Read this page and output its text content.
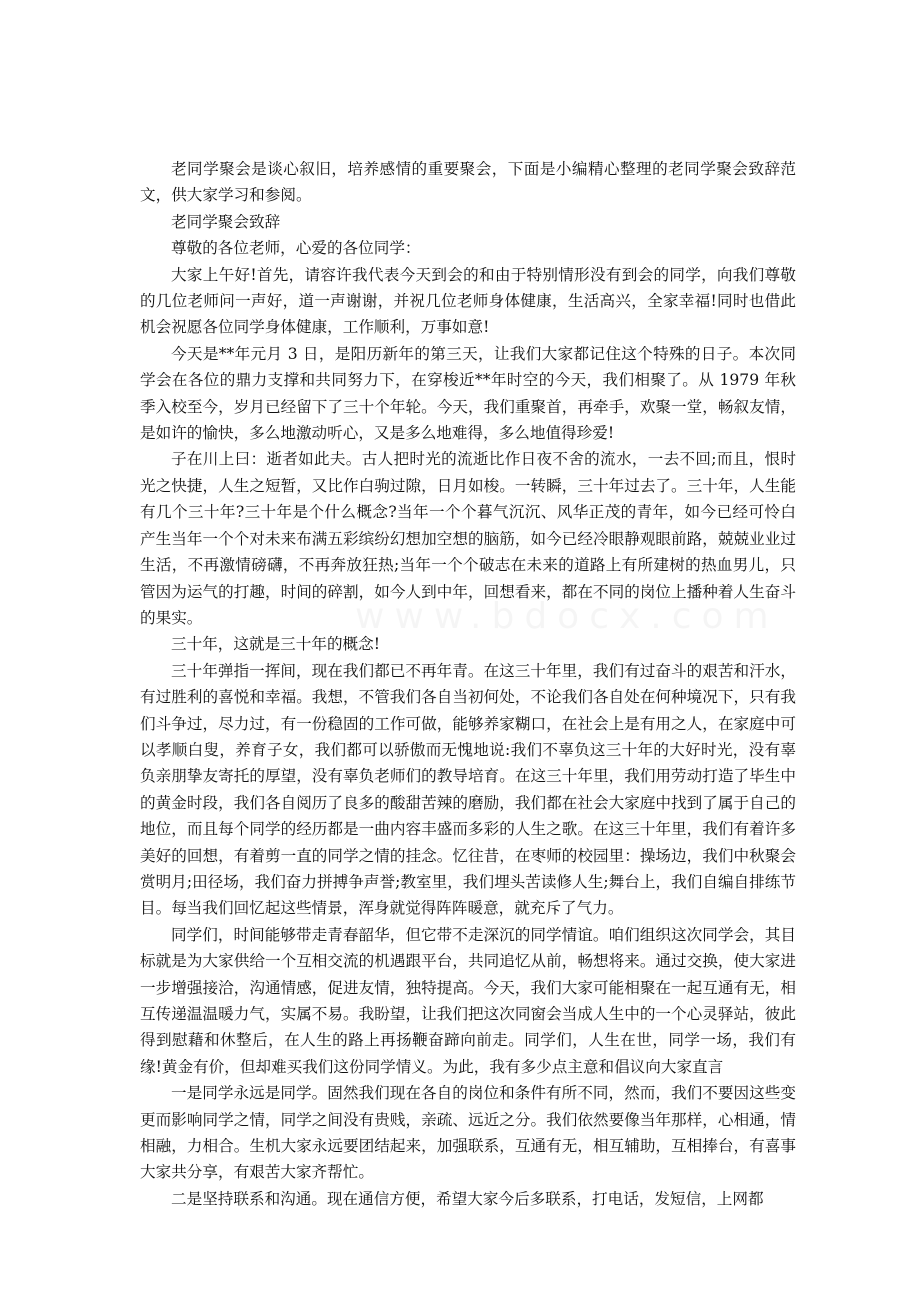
老同学聚会是谈心叙旧，培养感情的重要聚会，下面是小编精心整理的老同学聚会致辞范文，供大家学习和参阅。

老同学聚会致辞

尊敬的各位老师，心爱的各位同学：

大家上午好!首先，请容许我代表今天到会的和由于特别情形没有到会的同学，向我们尊敬的几位老师问一声好，道一声谢谢，并祝几位老师身体健康，生活高兴，全家幸福!同时也借此机会祝愿各位同学身体健康，工作顺利，万事如意!

今天是**年元月 3 日，是阳历新年的第三天，让我们大家都记住这个特殊的日子。本次同学会在各位的鼎力支撑和共同努力下，在穿梭近**年时空的今天，我们相聚了。从 1979 年秋季入校至今，岁月已经留下了三十个年轮。今天，我们重聚首，再牵手，欢聚一堂，畅叙友情，是如许的愉快，多么地激动听心，又是多么地难得，多么地值得珍爱!

子在川上曰：逝者如此夫。古人把时光的流逝比作日夜不舍的流水，一去不回;而且，恨时光之快捷，人生之短暂，又比作白驹过隙，日月如梭。一转瞬，三十年过去了。三十年，人生能有几个三十年?三十年是个什么概念?当年一个个暮气沉沉、风华正茂的青年，如今已经可怜白产生当年一个个对未来布满五彩缤纷幻想加空想的脑筋，如今已经冷眼静观眼前路，兢兢业业过生活，不再激情磅礴，不再奔放狂热;当年一个个破志在未来的道路上有所建树的热血男儿，只管因为运气的打趣，时间的碎割，如今人到中年，回想看来，都在不同的岗位上播种着人生奋斗的果实。

三十年，这就是三十年的概念!

三十年弹指一挥间，现在我们都已不再年青。在这三十年里，我们有过奋斗的艰苦和汗水，有过胜利的喜悦和幸福。我想，不管我们各自当初何处，不论我们各自处在何种境况下，只有我们斗争过，尽力过，有一份稳固的工作可做，能够养家糊口，在社会上是有用之人，在家庭中可以孝顺白叟，养育子女，我们都可以骄傲而无愧地说:我们不辜负这三十年的大好时光，没有辜负亲朋挚友寄托的厚望，没有辜负老师们的教导培育。在这三十年里，我们用劳动打造了毕生中的黄金时段，我们各自阅历了良多的酸甜苦辣的磨励，我们都在社会大家庭中找到了属于自己的地位，而且每个同学的经历都是一曲内容丰盛而多彩的人生之歌。在这三十年里，我们有着许多美好的回想，有着剪一直的同学之情的挂念。忆往昔，在枣师的校园里：操场边，我们中秋聚会赏明月;田径场，我们奋力拼搏争声誉;教室里，我们埋头苦读修人生;舞台上，我们自编自排练节目。每当我们回忆起这些情景，浑身就觉得阵阵暖意，就充斥了气力。

同学们，时间能够带走青春韶华，但它带不走深沉的同学情谊。咱们组织这次同学会，其目标就是为大家供给一个互相交流的机遇跟平台，共同追忆从前，畅想将来。通过交换，使大家进一步增强接洽，沟通情感，促进友情，独特提高。今天，我们大家可能相聚在一起互通有无，相互传递温温暖力气，实属不易。我盼望，让我们把这次同窗会当成人生中的一个心灵驿站，彼此得到慰藉和休整后，在人生的路上再扬鞭奋蹄向前走。同学们，人生在世，同学一场，我们有缘!黄金有价，但却难买我们这份同学情义。为此，我有多少点主意和倡议向大家直言

一是同学永远是同学。固然我们现在各自的岗位和条件有所不同，然而，我们不要因这些变更而影响同学之情，同学之间没有贵贱，亲疏、远近之分。我们依然要像当年那样，心相通，情相融，力相合。生机大家永远要团结起来，加强联系，互通有无，相互辅助，互相捧台，有喜事大家共分享，有艰苦大家齐帮忙。

二是坚持联系和沟通。现在通信方便，希望大家今后多联系，打电话，发短信，上网都
